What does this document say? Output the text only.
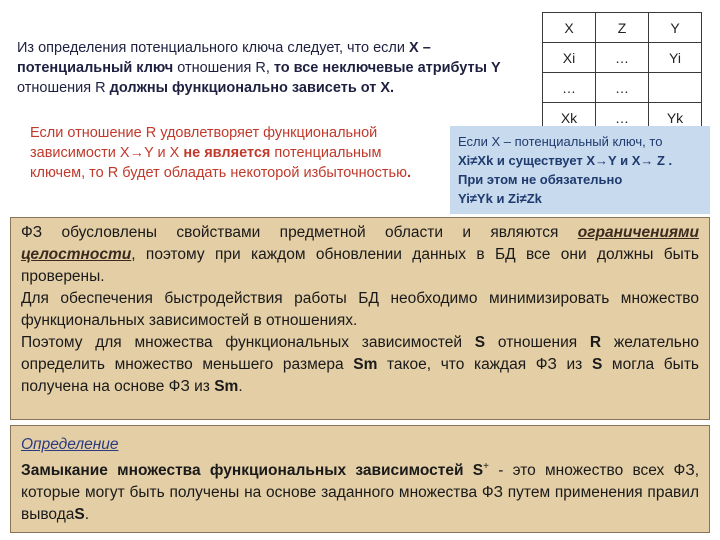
Из определения потенциального ключа следует, что если X – потенциальный ключ отношения R, то все неключевые атрибуты Y отношения R должны функционально зависеть от X.
Если отношение R удовлетворяет функциональной зависимости X→Y и X не является потенциальным ключем, то R будет обладать некоторой избыточностью.
X	Z	Y
Xi	…	Yi
…	…	
Xk	…	Yk
Если X – потенциальный ключ, то
Xi≠Xk и существует X→Y и X→ Z .
При этом не обязательно
Yi≠Yk и Zi≠Zk

ФЗ обусловлены свойствами предметной области и являются ограничениями целостности, поэтому при каждом обновлении данных в БД все они должны быть проверены.

Для обеспечения быстродействия работы БД необходимо минимизировать множество функциональных зависимостей в отношениях.

Поэтому для множества функциональных зависимостей S отношения R желательно определить множество меньшего размера Sm такое, что каждая ФЗ из S могла быть получена на основе ФЗ из Sm.

Определение

Замыкание множества функциональных зависимостей S+ - это множество всех ФЗ, которые могут быть получены на основе заданного множества ФЗ путем применения правил выводаS.
